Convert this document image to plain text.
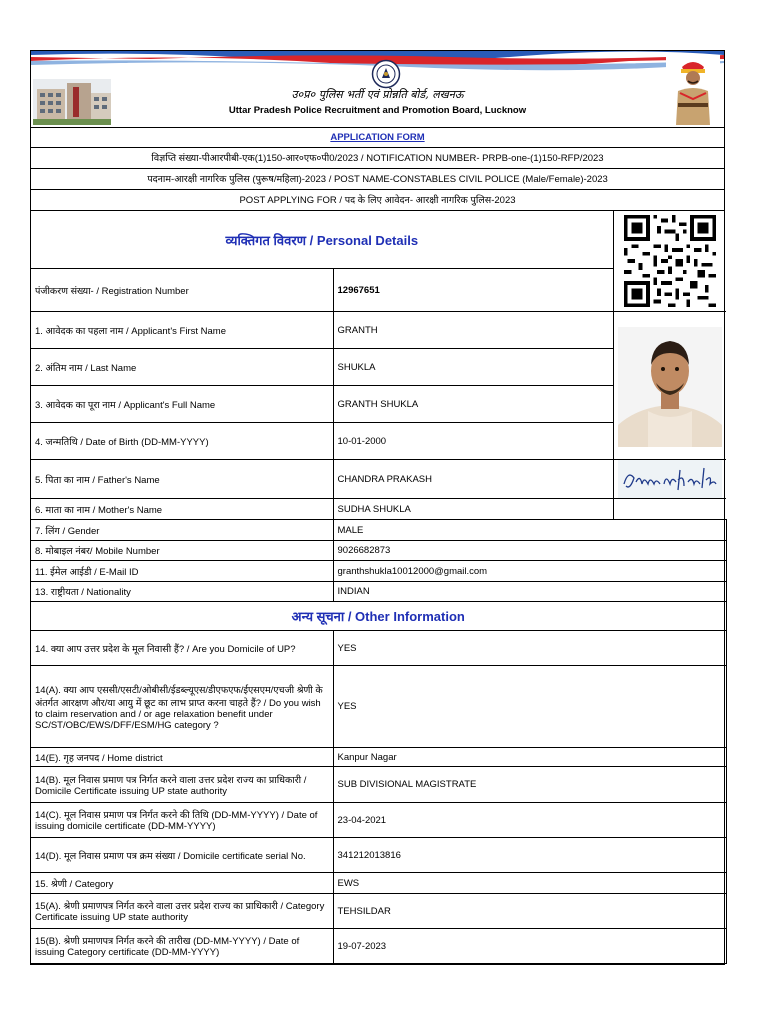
उ०प्र० पुलिस भर्ती एवं प्रोन्नति बोर्ड, लखनऊ
Uttar Pradesh Police Recruitment and Promotion Board, Lucknow
APPLICATION FORM
विज्ञप्ति संख्या-पीआरपीबी-एक(1)150-आर०एफ०पी0/2023 / NOTIFICATION NUMBER- PRPB-one-(1)150-RFP/2023
पदनाम-आरक्षी नागरिक पुलिस (पुरूष/महिला)-2023 / POST NAME-CONSTABLES CIVIL POLICE (Male/Female)-2023
POST APPLYING FOR / पद के लिए आवेदन- आरक्षी नागरिक पुलिस-2023
व्यक्तिगत विवरण / Personal Details	

पंजीकरण संख्या- / Registration Number	12967651	
1. आवेदक का पहला नाम / Applicant's First Name	GRANTH	

2. अंतिम नाम / Last Name	SHUKLA	
3. आवेदक का पूरा नाम / Applicant's Full Name	GRANTH SHUKLA	
4. जन्मतिथि / Date of Birth (DD-MM-YYYY)	10-01-2000	
5. पिता का नाम / Father's Name	CHANDRA PRAKASH	

6. माता का नाम / Mother's Name	SUDHA SHUKLA	
7. लिंग / Gender	MALE	
8. मोबाइल नंबर/ Mobile Number	9026682873	
11. ईमेल आईडी / E-Mail ID	granthshukla10012000@gmail.com	
13. राष्ट्रीयता / Nationality	INDIAN	
अन्य सूचना / Other Information		
14. क्या आप उत्तर प्रदेश के मूल निवासी हैं? / Are you Domicile of UP?	YES	
14(A). क्या आप एससी/एसटी/ओबीसी/ईडब्ल्यूएस/डीएफएफ/ईएसएम/एचजी श्रेणी के अंतर्गत आरक्षण और/या आयु में छूट का लाभ प्राप्त करना चाहते हैं? / Do you wish to claim reservation and / or age relaxation benefit under SC/ST/OBC/EWS/DFF/ESM/HG category ?	YES	
14(E). गृह जनपद / Home district	Kanpur Nagar	
14(B). मूल निवास प्रमाण पत्र निर्गत करने वाला उत्तर प्रदेश राज्य का प्राधिकारी / Domicile Certificate issuing UP state authority	SUB DIVISIONAL MAGISTRATE	
14(C). मूल निवास प्रमाण पत्र निर्गत करने की तिथि (DD-MM-YYYY) / Date of issuing domicile certificate (DD-MM-YYYY)	23-04-2021	
14(D). मूल निवास प्रमाण पत्र क्रम संख्या / Domicile certificate serial No.	341212013816	
15. श्रेणी / Category	EWS	
15(A). श्रेणी प्रमाणपत्र निर्गत करने वाला उत्तर प्रदेश राज्य का प्राधिकारी / Category Certificate issuing UP state authority	TEHSILDAR	
15(B). श्रेणी प्रमाणपत्र निर्गत करने की तारीख (DD-MM-YYYY) / Date of issuing Category certificate (DD-MM-YYYY)	19-07-2023	
